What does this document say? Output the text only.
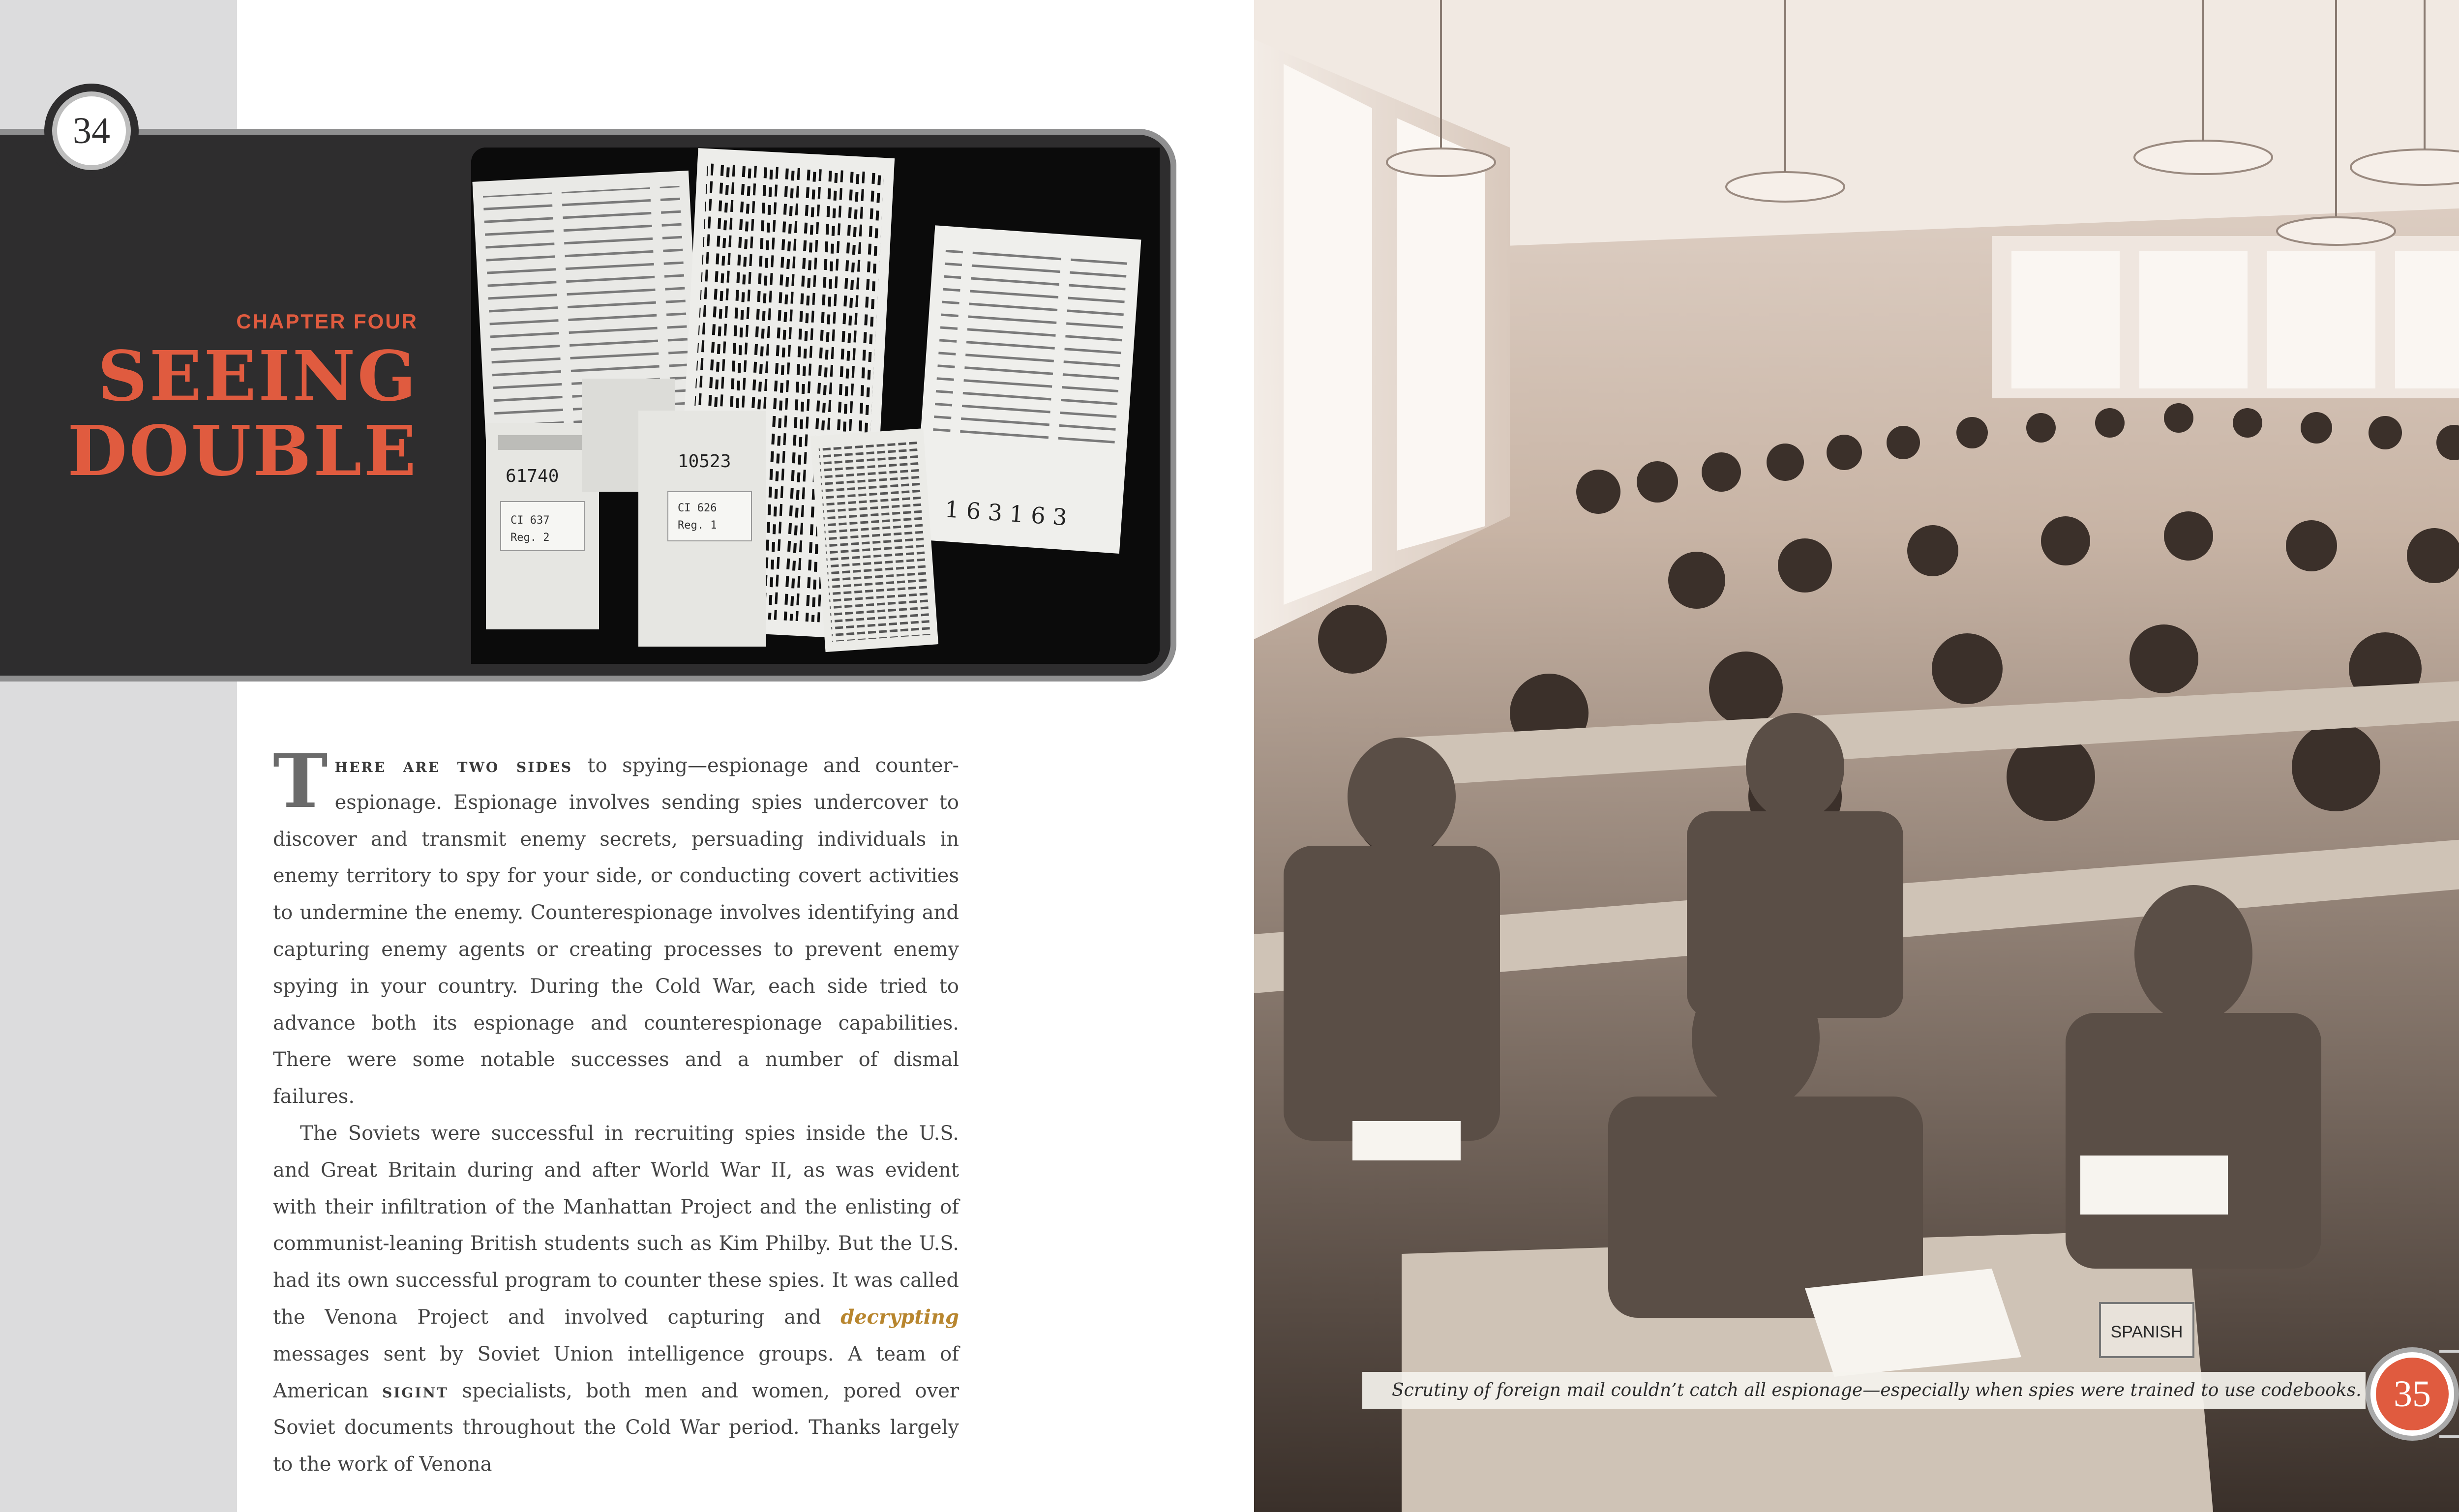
34
CHAPTER FOUR
SEEING
DOUBLE
1 6 3 1 6 3
61740
CI 637
Reg. 2
10523
CI 626
Reg. 1

There are two sides to spying—espionage and counter-espionage. Espionage involves sending spies undercover to discover and transmit enemy secrets, persuading individuals in enemy territory to spy for your side, or conducting covert activities to undermine the enemy. Counterespionage involves identifying and capturing enemy agents or creating processes to prevent enemy spying in your country. During the Cold War, each side tried to advance both its espionage and counterespionage capabilities. There were some notable successes and a number of dismal failures.

The Soviets were successful in recruiting spies inside the U.S. and Great Britain during and after World War II, as was evident with their infiltration of the Manhattan Project and the enlisting of communist-leaning British students such as Kim Philby. But the U.S. had its own successful program to counter these spies. It was called the Venona Project and involved capturing and decrypting messages sent by Soviet Union intelligence groups. A team of American sigint specialists, both men and women, pored over Soviet documents throughout the Cold War period. Thanks largely to the work of Venona

SPANISH
Scrutiny of foreign mail couldn’t catch all espionage—especially when spies were trained to use codebooks. 35
